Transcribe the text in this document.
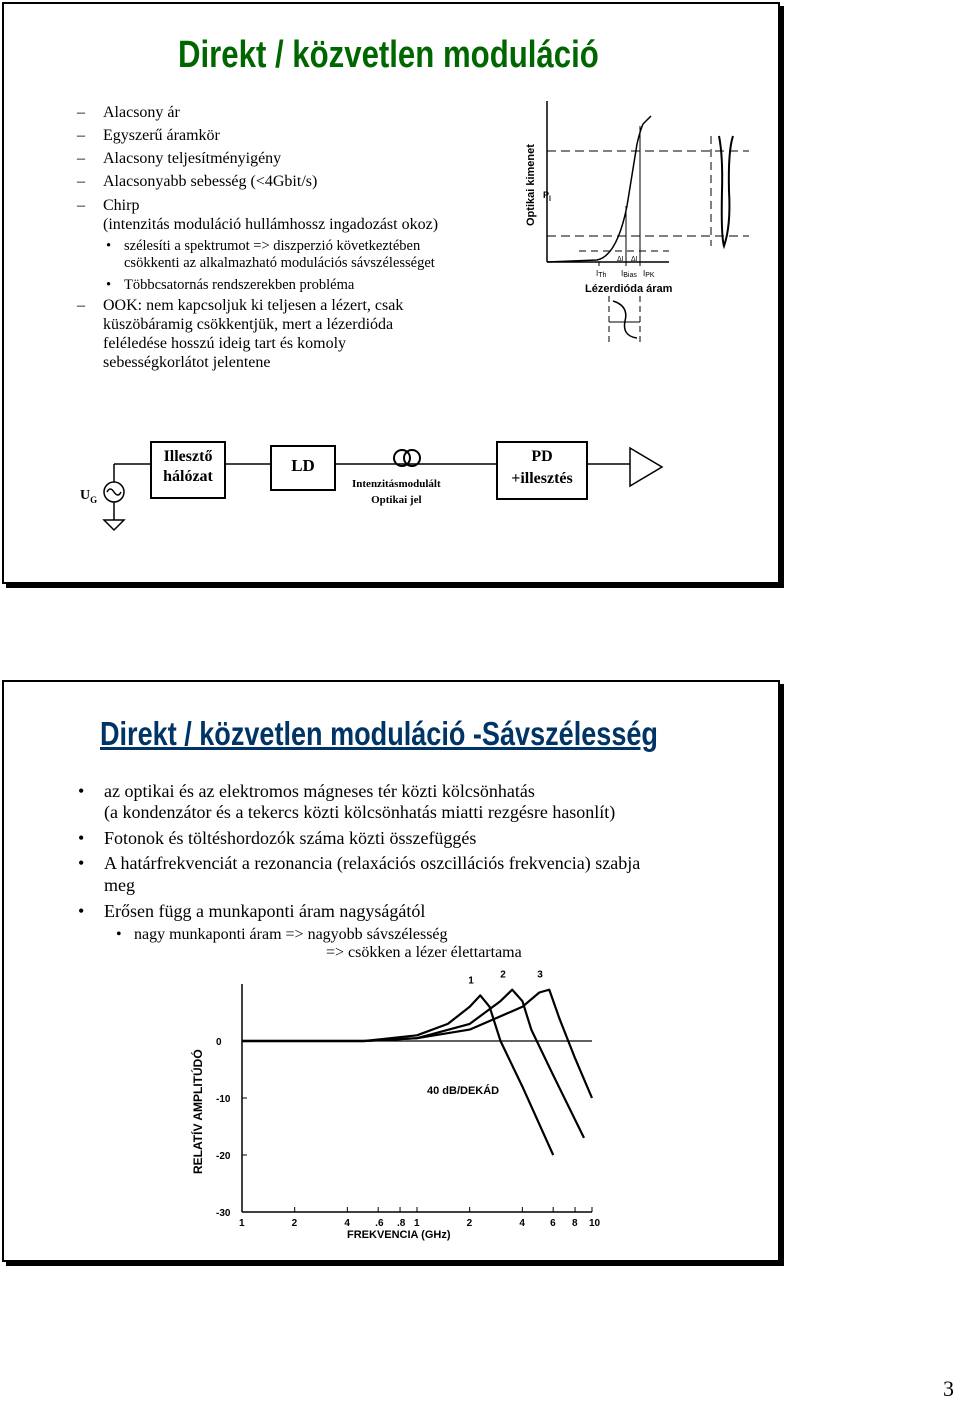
Direkt / közvetlen moduláció
– Alacsony ár
– Egyszerű áramkör
– Alacsony teljesítményigény
– Alacsonyabb sebesség (<4Gbit/s)
– Chirp
(intenzitás moduláció hullámhossz ingadozást okoz)
• szélesíti a spektrumot => diszperzió következtében
csökkenti az alkalmazható modulációs sávszélességet
• Többcsatornás rendszerekben probléma
– OOK: nem kapcsoljuk ki teljesen a lézert, csak
küszöbáramig csökkentjük, mert a lézerdióda
feléledése hosszú ideig tart és komoly
sebességkorlátot jelentene
Optikai kimenet $P_l$
ΔI ΔI
ITh IBias IPK
Lézerdióda áram
$U_G$
Illesztő
hálózat
LD
Intenzitásmodulált
Optikai jel
PD
+illesztés
Direkt / közvetlen moduláció -Sávszélesség
• az optikai és az elektromos mágneses tér közti kölcsönhatás
(a kondenzátor és a tekercs közti kölcsönhatás miatti rezgésre hasonlít)
• Fotonok és töltéshordozók száma közti összefüggés
• A határfrekvenciát a rezonancia (relaxációs oszcillációs frekvencia) szabja
meg
• Erősen függ a munkaponti áram nagyságától
• nagy munkaponti áram => nagyobb sávszélesség
=> csökken a lézer élettartama
RELATÍV AMPLITÚDÓ	40 dB/DEKÁD
FREKVENCIA (GHz)
1	2	4	.6 .8 1	2	4	6 8 10
0
-10
-20
-30
1
2	3
3
